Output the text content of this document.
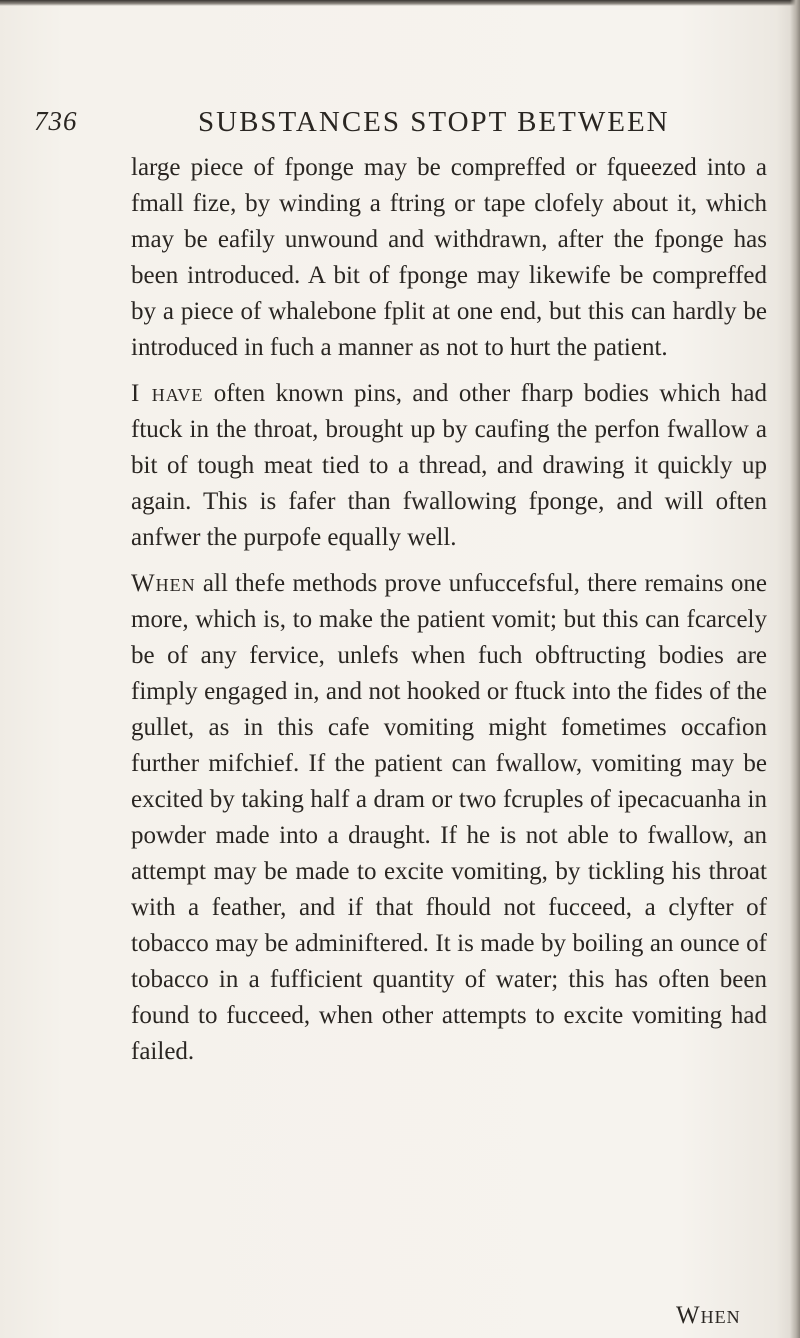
736	SUBSTANCES STOPT BETWEEN

large piece of fponge may be compreffed or fqueezed into a fmall fize, by winding a ftring or tape clofely about it, which may be eafily unwound and withdrawn, after the fponge has been introduced. A bit of fponge may likewife be compreffed by a piece of whalebone fplit at one end, but this can hardly be introduced in fuch a manner as not to hurt the patient.

I have often known pins, and other fharp bodies which had ftuck in the throat, brought up by caufing the perfon fwallow a bit of tough meat tied to a thread, and drawing it quickly up again. This is fafer than fwallowing fponge, and will often anfwer the purpofe equally well.

When all thefe methods prove unfuccefsful, there remains one more, which is, to make the patient vomit; but this can fcarcely be of any fervice, unlefs when fuch obftructing bodies are fimply engaged in, and not hooked or ftuck into the fides of the gullet, as in this cafe vomiting might fometimes occafion further mifchief. If the patient can fwallow, vomiting may be excited by taking half a dram or two fcruples of ipecacuanha in powder made into a draught. If he is not able to fwallow, an attempt may be made to excite vomiting, by tickling his throat with a feather, and if that fhould not fucceed, a clyfter of tobacco may be adminiftered. It is made by boiling an ounce of tobacco in a fufficient quantity of water; this has often been found to fucceed, when other attempts to excite vomiting had failed.

When
